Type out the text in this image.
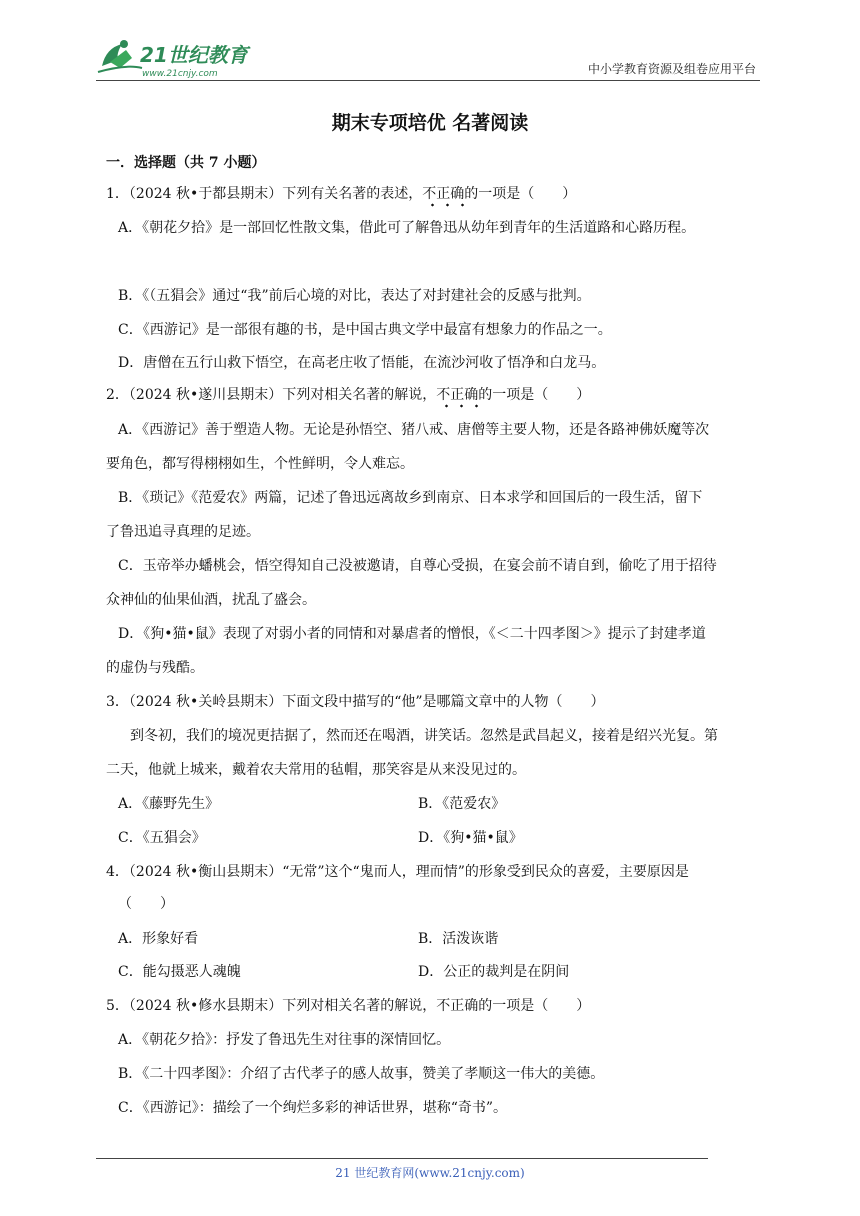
21世纪教育
www.21cnjy.com	中小学教育资源及组卷应用平台
期末专项培优 名著阅读
一．选择题（共 7 小题）
1．（2024 秋•于都县期末）下列有关名著的表述，不正确的一项是（　　）
A．《朝花夕拾》是一部回忆性散文集，借此可了解鲁迅从幼年到青年的生活道路和心路历程。
B．《（五猖会》通过“我”前后心境的对比，表达了对封建社会的反感与批判。
C．《西游记》是一部很有趣的书，是中国古典文学中最富有想象力的作品之一。
D．唐僧在五行山救下悟空，在高老庄收了悟能，在流沙河收了悟净和白龙马。
2．（2024 秋•遂川县期末）下列对相关名著的解说，不正确的一项是（　　）
A．《西游记》善于塑造人物。无论是孙悟空、猪八戒、唐僧等主要人物，还是各路神佛妖魔等次
要角色，都写得栩栩如生，个性鲜明，令人难忘。
B．《琐记》《范爱农》两篇，记述了鲁迅远离故乡到南京、日本求学和回国后的一段生活，留下
了鲁迅追寻真理的足迹。
C．玉帝举办蟠桃会，悟空得知自己没被邀请，自尊心受损，在宴会前不请自到，偷吃了用于招待
众神仙的仙果仙酒，扰乱了盛会。
D．《狗•猫•鼠》表现了对弱小者的同情和对暴虐者的憎恨，《＜二十四孝图＞》提示了封建孝道
的虚伪与残酷。
3．（2024 秋•关岭县期末）下面文段中描写的“他”是哪篇文章中的人物（　　）
到冬初，我们的境况更拮据了，然而还在喝酒，讲笑话。忽然是武昌起义，接着是绍兴光复。第
二天，他就上城来，戴着农夫常用的毡帽，那笑容是从来没见过的。
A．《藤野先生》	B．《范爱农》
C．《五猖会》	D．《狗•猫•鼠》
4．（2024 秋•衡山县期末）“无常”这个“鬼而人，理而情”的形象受到民众的喜爱，主要原因是
（　　）
A．形象好看	B．活泼诙谐
C．能勾摄恶人魂魄	D．公正的裁判是在阴间
5．（2024 秋•修水县期末）下列对相关名著的解说，不正确的一项是（　　）
A．《朝花夕拾》：抒发了鲁迅先生对往事的深情回忆。
B．《二十四孝图》：介绍了古代孝子的感人故事，赞美了孝顺这一伟大的美德。
C．《西游记》：描绘了一个绚烂多彩的神话世界，堪称“奇书”。
21 世纪教育网(www.21cnjy.com)
